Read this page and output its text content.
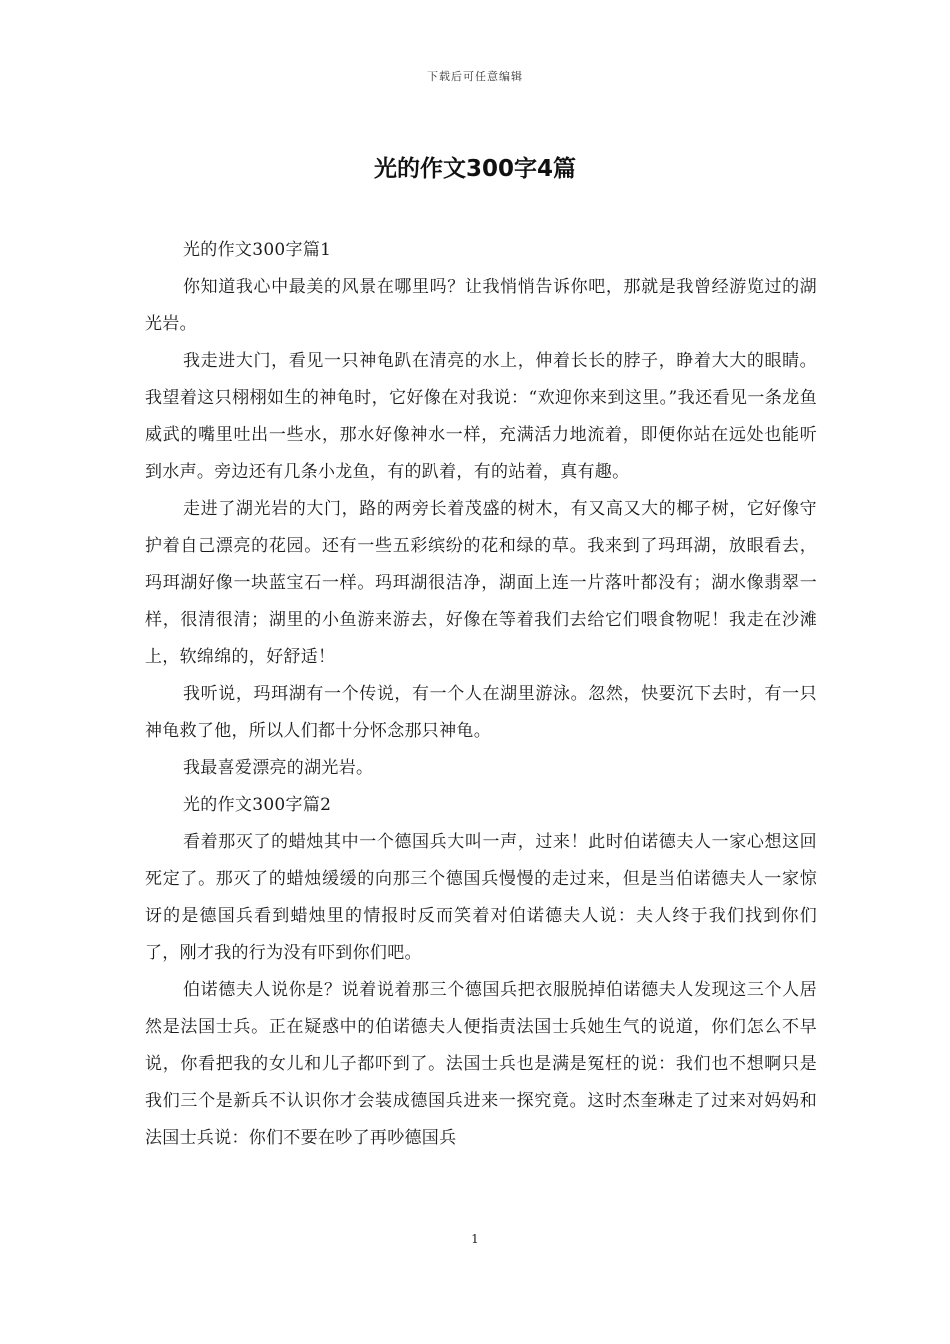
下载后可任意编辑
光的作文300字4篇

光的作文300字篇1

你知道我心中最美的风景在哪里吗？让我悄悄告诉你吧，那就是我曾经游览过的湖光岩。

我走进大门，看见一只神龟趴在清亮的水上，伸着长长的脖子，睁着大大的眼睛。我望着这只栩栩如生的神龟时，它好像在对我说：“欢迎你来到这里。”我还看见一条龙鱼威武的嘴里吐出一些水，那水好像神水一样，充满活力地流着，即便你站在远处也能听到水声。旁边还有几条小龙鱼，有的趴着，有的站着，真有趣。

走进了湖光岩的大门，路的两旁长着茂盛的树木，有又高又大的椰子树，它好像守护着自己漂亮的花园。还有一些五彩缤纷的花和绿的草。我来到了玛珥湖，放眼看去，玛珥湖好像一块蓝宝石一样。玛珥湖很洁净，湖面上连一片落叶都没有；湖水像翡翠一样，很清很清；湖里的小鱼游来游去，好像在等着我们去给它们喂食物呢！我走在沙滩上，软绵绵的，好舒适！

我听说，玛珥湖有一个传说，有一个人在湖里游泳。忽然，快要沉下去时，有一只神龟救了他，所以人们都十分怀念那只神龟。

我最喜爱漂亮的湖光岩。

光的作文300字篇2

看着那灭了的蜡烛其中一个德国兵大叫一声，过来！此时伯诺德夫人一家心想这回死定了。那灭了的蜡烛缓缓的向那三个德国兵慢慢的走过来，但是当伯诺德夫人一家惊讶的是德国兵看到蜡烛里的情报时反而笑着对伯诺德夫人说：夫人终于我们找到你们了，刚才我的行为没有吓到你们吧。

伯诺德夫人说你是？说着说着那三个德国兵把衣服脱掉伯诺德夫人发现这三个人居然是法国士兵。正在疑惑中的伯诺德夫人便指责法国士兵她生气的说道，你们怎么不早说，你看把我的女儿和儿子都吓到了。法国士兵也是满是冤枉的说：我们也不想啊只是我们三个是新兵不认识你才会装成德国兵进来一探究竟。这时杰奎琳走了过来对妈妈和法国士兵说：你们不要在吵了再吵德国兵

1
